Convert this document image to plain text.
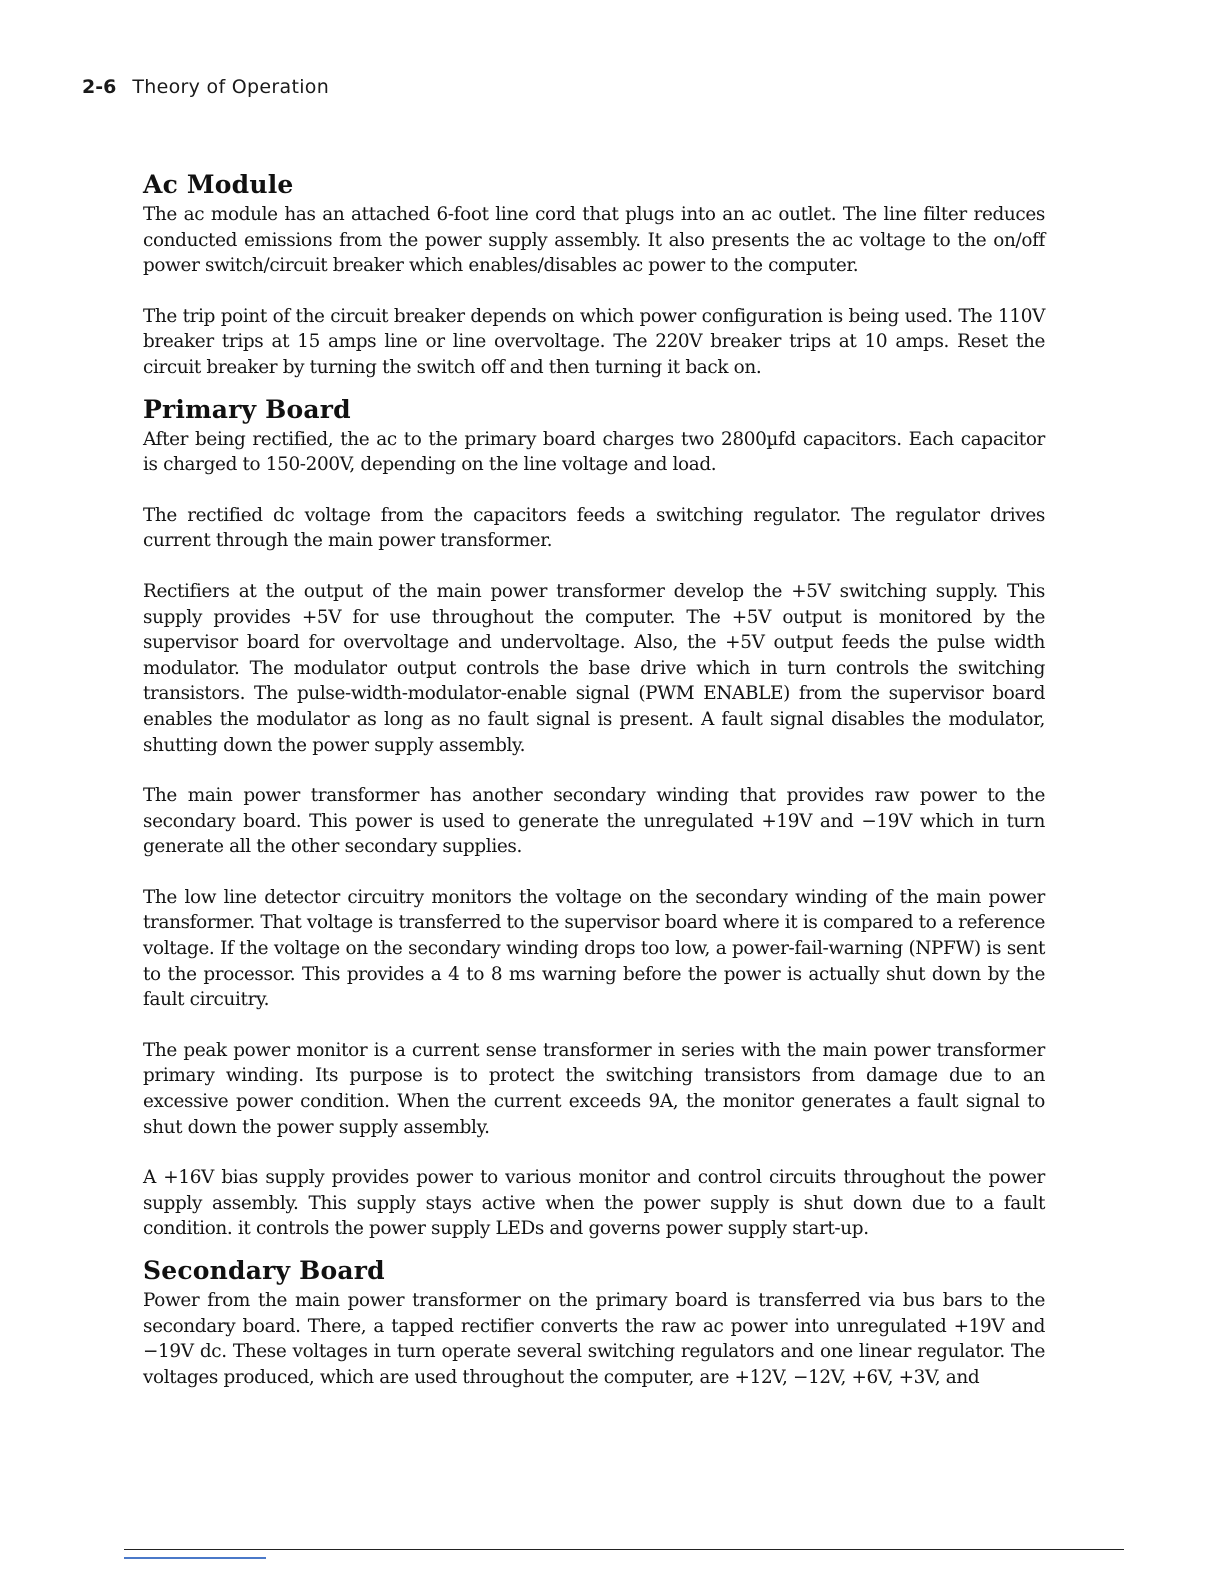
2-6 Theory of Operation
Ac Module

The ac module has an attached 6-foot line cord that plugs into an ac outlet. The line filter reduces conducted emissions from the power supply assembly. It also presents the ac voltage to the on/off power switch/circuit breaker which enables/disables ac power to the computer.

The trip point of the circuit breaker depends on which power configuration is being used. The 110V breaker trips at 15 amps line or line overvoltage. The 220V breaker trips at 10 amps. Reset the circuit breaker by turning the switch off and then turning it back on.

Primary Board

After being rectified, the ac to the primary board charges two 2800µfd capacitors. Each capacitor is charged to 150-200V, depending on the line voltage and load.

The rectified dc voltage from the capacitors feeds a switching regulator. The regulator drives current through the main power transformer.

Rectifiers at the output of the main power transformer develop the +5V switching supply. This supply provides +5V for use throughout the computer. The +5V output is monitored by the supervisor board for overvoltage and undervoltage. Also, the +5V output feeds the pulse width modulator. The modulator output controls the base drive which in turn controls the switching transistors. The pulse-width-modulator-enable signal (PWM ENABLE) from the supervisor board enables the modulator as long as no fault signal is present. A fault signal disables the modulator, shutting down the power supply assembly.

The main power transformer has another secondary winding that provides raw power to the secondary board. This power is used to generate the unregulated +19V and −19V which in turn generate all the other secondary supplies.

The low line detector circuitry monitors the voltage on the secondary winding of the main power transformer. That voltage is transferred to the supervisor board where it is compared to a reference voltage. If the voltage on the secondary winding drops too low, a power-fail-warning (NPFW) is sent to the processor. This provides a 4 to 8 ms warning before the power is actually shut down by the fault circuitry.

The peak power monitor is a current sense transformer in series with the main power transformer primary winding. Its purpose is to protect the switching transistors from damage due to an excessive power condition. When the current exceeds 9A, the monitor generates a fault signal to shut down the power supply assembly.

A +16V bias supply provides power to various monitor and control circuits throughout the power supply assembly. This supply stays active when the power supply is shut down due to a fault condition. it controls the power supply LEDs and governs power supply start-up.

Secondary Board

Power from the main power transformer on the primary board is transferred via bus bars to the secondary board. There, a tapped rectifier converts the raw ac power into unregulated +19V and −19V dc. These voltages in turn operate several switching regulators and one linear regulator. The voltages produced, which are used throughout the computer, are +12V, −12V, +6V, +3V, and
